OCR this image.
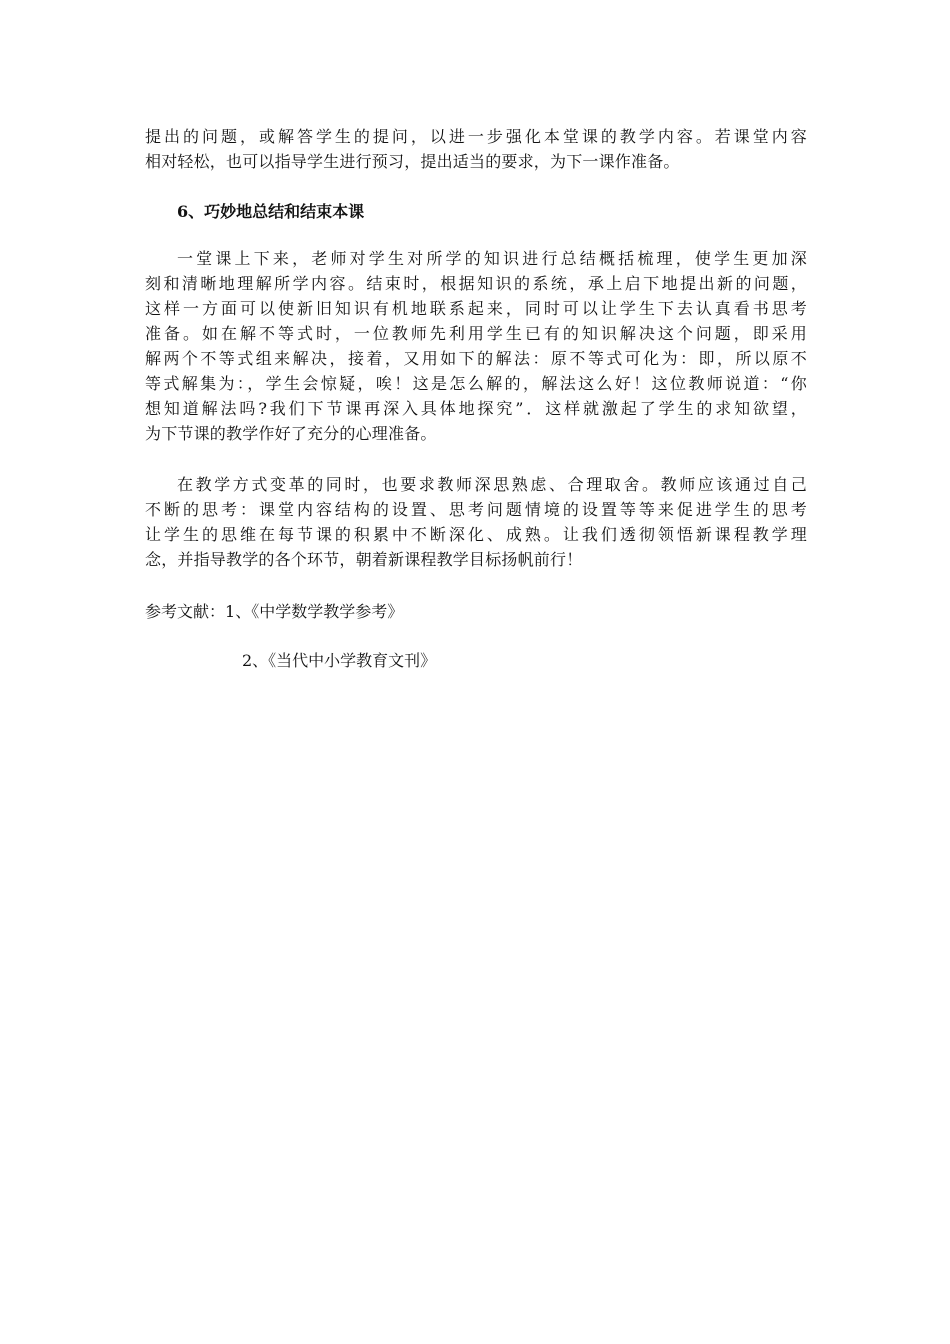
提出的问题，或解答学生的提问，以进一步强化本堂课的教学内容。若课堂内容
相对轻松，也可以指导学生进行预习，提出适当的要求，为下一课作准备。
6、巧妙地总结和结束本课
一堂课上下来，老师对学生对所学的知识进行总结概括梳理，使学生更加深
刻和清晰地理解所学内容。结束时，根据知识的系统，承上启下地提出新的问题，
这样一方面可以使新旧知识有机地联系起来，同时可以让学生下去认真看书思考
准备。如在解不等式时，一位教师先利用学生已有的知识解决这个问题，即采用
解两个不等式组来解决，接着，又用如下的解法：原不等式可化为：即，所以原不
等式解集为：，学生会惊疑，唉！这是怎么解的，解法这么好！这位教师说道：“你
想知道解法吗?我们下节课再深入具体地探究”．这样就激起了学生的求知欲望，
为下节课的教学作好了充分的心理准备。
在教学方式变革的同时，也要求教师深思熟虑、合理取舍。教师应该通过自己
不断的思考：课堂内容结构的设置、思考问题情境的设置等等来促进学生的思考
让学生的思维在每节课的积累中不断深化、成熟。让我们透彻领悟新课程教学理
念，并指导教学的各个环节，朝着新课程教学目标扬帆前行！
参考文献：1、《中学数学教学参考》
2、《当代中小学教育文刊》
